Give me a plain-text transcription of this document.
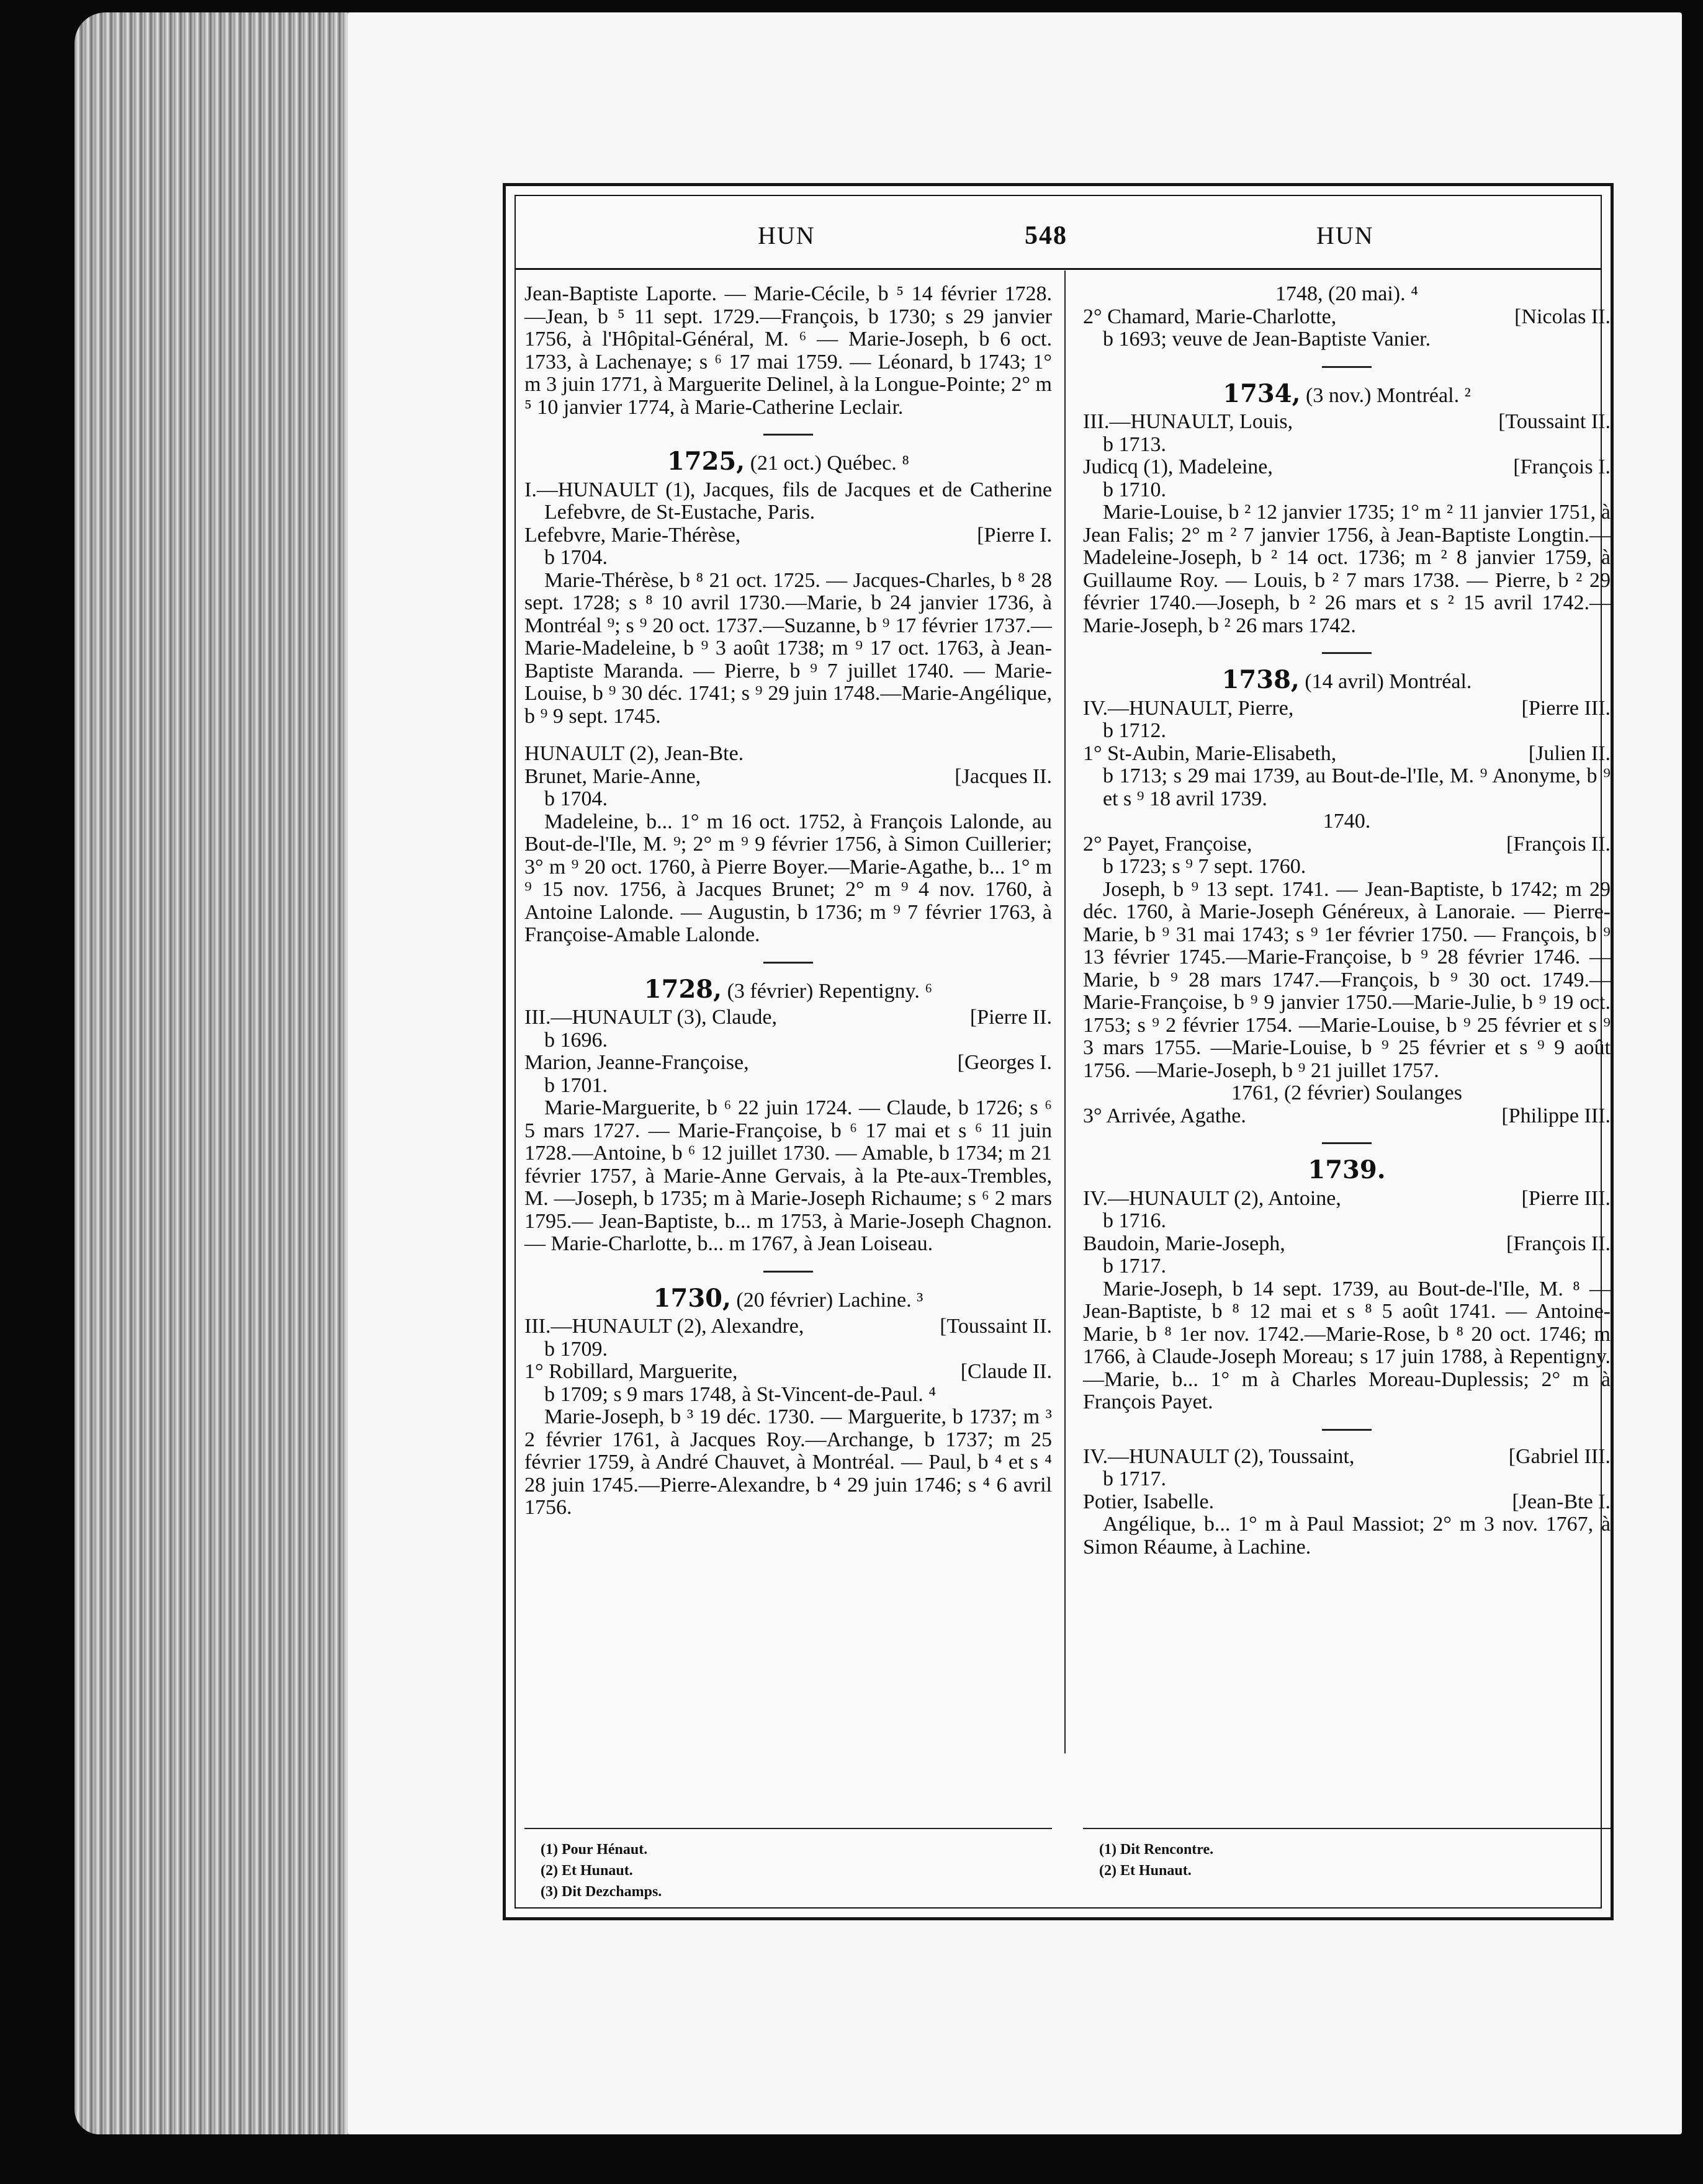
HUN	548	HUN

Jean-Baptiste Laporte. — Marie-Cécile, b ⁵ 14 février 1728.—Jean, b ⁵ 11 sept. 1729.—François, b 1730; s 29 janvier 1756, à l'Hôpital-Général, M. ⁶ — Marie-Joseph, b 6 oct. 1733, à Lachenaye; s ⁶ 17 mai 1759. — Léonard, b 1743; 1° m 3 juin 1771, à Marguerite Delinel, à la Longue-Pointe; 2° m ⁵ 10 janvier 1774, à Marie-Catherine Leclair.

1725, (21 oct.) Québec. ⁸

I.—HUNAULT (1), Jacques, fils de Jacques et de Catherine Lefebvre, de St-Eustache, Paris.

[Pierre I.
Lefebvre, Marie-Thérèse,

b 1704.

Marie-Thérèse, b ⁸ 21 oct. 1725. — Jacques-Charles, b ⁸ 28 sept. 1728; s ⁸ 10 avril 1730.—Marie, b 24 janvier 1736, à Montréal ⁹; s ⁹ 20 oct. 1737.—Suzanne, b ⁹ 17 février 1737.—Marie-Madeleine, b ⁹ 3 août 1738; m ⁹ 17 oct. 1763, à Jean-Baptiste Maranda. — Pierre, b ⁹ 7 juillet 1740. — Marie-Louise, b ⁹ 30 déc. 1741; s ⁹ 29 juin 1748.—Marie-Angélique, b ⁹ 9 sept. 1745.

HUNAULT (2), Jean-Bte.

[Jacques II.
Brunet, Marie-Anne,

b 1704.

Madeleine, b... 1° m 16 oct. 1752, à François Lalonde, au Bout-de-l'Ile, M. ⁹; 2° m ⁹ 9 février 1756, à Simon Cuillerier; 3° m ⁹ 20 oct. 1760, à Pierre Boyer.—Marie-Agathe, b... 1° m ⁹ 15 nov. 1756, à Jacques Brunet; 2° m ⁹ 4 nov. 1760, à Antoine Lalonde. — Augustin, b 1736; m ⁹ 7 février 1763, à Françoise-Amable Lalonde.

1728, (3 février) Repentigny. ⁶

[Pierre II.
III.—HUNAULT (3), Claude,

b 1696.

[Georges I.
Marion, Jeanne-Françoise,

b 1701.

Marie-Marguerite, b ⁶ 22 juin 1724. — Claude, b 1726; s ⁶ 5 mars 1727. — Marie-Françoise, b ⁶ 17 mai et s ⁶ 11 juin 1728.—Antoine, b ⁶ 12 juillet 1730. — Amable, b 1734; m 21 février 1757, à Marie-Anne Gervais, à la Pte-aux-Trembles, M. —Joseph, b 1735; m à Marie-Joseph Richaume; s ⁶ 2 mars 1795.— Jean-Baptiste, b... m 1753, à Marie-Joseph Chagnon. — Marie-Charlotte, b... m 1767, à Jean Loiseau.

1730, (20 février) Lachine. ³

[Toussaint II.
III.—HUNAULT (2), Alexandre,

b 1709.

[Claude II.
1° Robillard, Marguerite,

b 1709; s 9 mars 1748, à St-Vincent-de-Paul. ⁴

Marie-Joseph, b ³ 19 déc. 1730. — Marguerite, b 1737; m ³ 2 février 1761, à Jacques Roy.—Archange, b 1737; m 25 février 1759, à André Chauvet, à Montréal. — Paul, b ⁴ et s ⁴ 28 juin 1745.—Pierre-Alexandre, b ⁴ 29 juin 1746; s ⁴ 6 avril 1756.

1748, (20 mai). ⁴

[Nicolas II.
2° Chamard, Marie-Charlotte,

b 1693; veuve de Jean-Baptiste Vanier.

1734, (3 nov.) Montréal. ²

[Toussaint II.
III.—HUNAULT, Louis,

b 1713.

[François I.
Judicq (1), Madeleine,

b 1710.

Marie-Louise, b ² 12 janvier 1735; 1° m ² 11 janvier 1751, à Jean Falis; 2° m ² 7 janvier 1756, à Jean-Baptiste Longtin.—Madeleine-Joseph, b ² 14 oct. 1736; m ² 8 janvier 1759, à Guillaume Roy. — Louis, b ² 7 mars 1738. — Pierre, b ² 29 février 1740.—Joseph, b ² 26 mars et s ² 15 avril 1742.—Marie-Joseph, b ² 26 mars 1742.

1738, (14 avril) Montréal.

[Pierre III.
IV.—HUNAULT, Pierre,

b 1712.

[Julien II.
1° St-Aubin, Marie-Elisabeth,

b 1713; s 29 mai 1739, au Bout-de-l'Ile, M. ⁹ Anonyme, b ⁹ et s ⁹ 18 avril 1739.

1740.

[François II.
2° Payet, Françoise,

b 1723; s ⁹ 7 sept. 1760.

Joseph, b ⁹ 13 sept. 1741. — Jean-Baptiste, b 1742; m 29 déc. 1760, à Marie-Joseph Généreux, à Lanoraie. — Pierre-Marie, b ⁹ 31 mai 1743; s ⁹ 1er février 1750. — François, b ⁹ 13 février 1745.—Marie-Françoise, b ⁹ 28 février 1746. —Marie, b ⁹ 28 mars 1747.—François, b ⁹ 30 oct. 1749.—Marie-Françoise, b ⁹ 9 janvier 1750.—Marie-Julie, b ⁹ 19 oct. 1753; s ⁹ 2 février 1754. —Marie-Louise, b ⁹ 25 février et s ⁹ 3 mars 1755. —Marie-Louise, b ⁹ 25 février et s ⁹ 9 août 1756. —Marie-Joseph, b ⁹ 21 juillet 1757.

1761, (2 février) Soulanges

[Philippe III.
3° Arrivée, Agathe.

1739.

[Pierre III.
IV.—HUNAULT (2), Antoine,

b 1716.

[François II.
Baudoin, Marie-Joseph,

b 1717.

Marie-Joseph, b 14 sept. 1739, au Bout-de-l'Ile, M. ⁸ — Jean-Baptiste, b ⁸ 12 mai et s ⁸ 5 août 1741. — Antoine-Marie, b ⁸ 1er nov. 1742.—Marie-Rose, b ⁸ 20 oct. 1746; m 1766, à Claude-Joseph Moreau; s 17 juin 1788, à Repentigny.—Marie, b... 1° m à Charles Moreau-Duplessis; 2° m à François Payet.

[Gabriel III.
IV.—HUNAULT (2), Toussaint,

b 1717.

[Jean-Bte I.
Potier, Isabelle.

Angélique, b... 1° m à Paul Massiot; 2° m 3 nov. 1767, à Simon Réaume, à Lachine.

(1) Pour Hénaut.

(2) Et Hunaut.

(3) Dit Dezchamps.

(1) Dit Rencontre.

(2) Et Hunaut.
